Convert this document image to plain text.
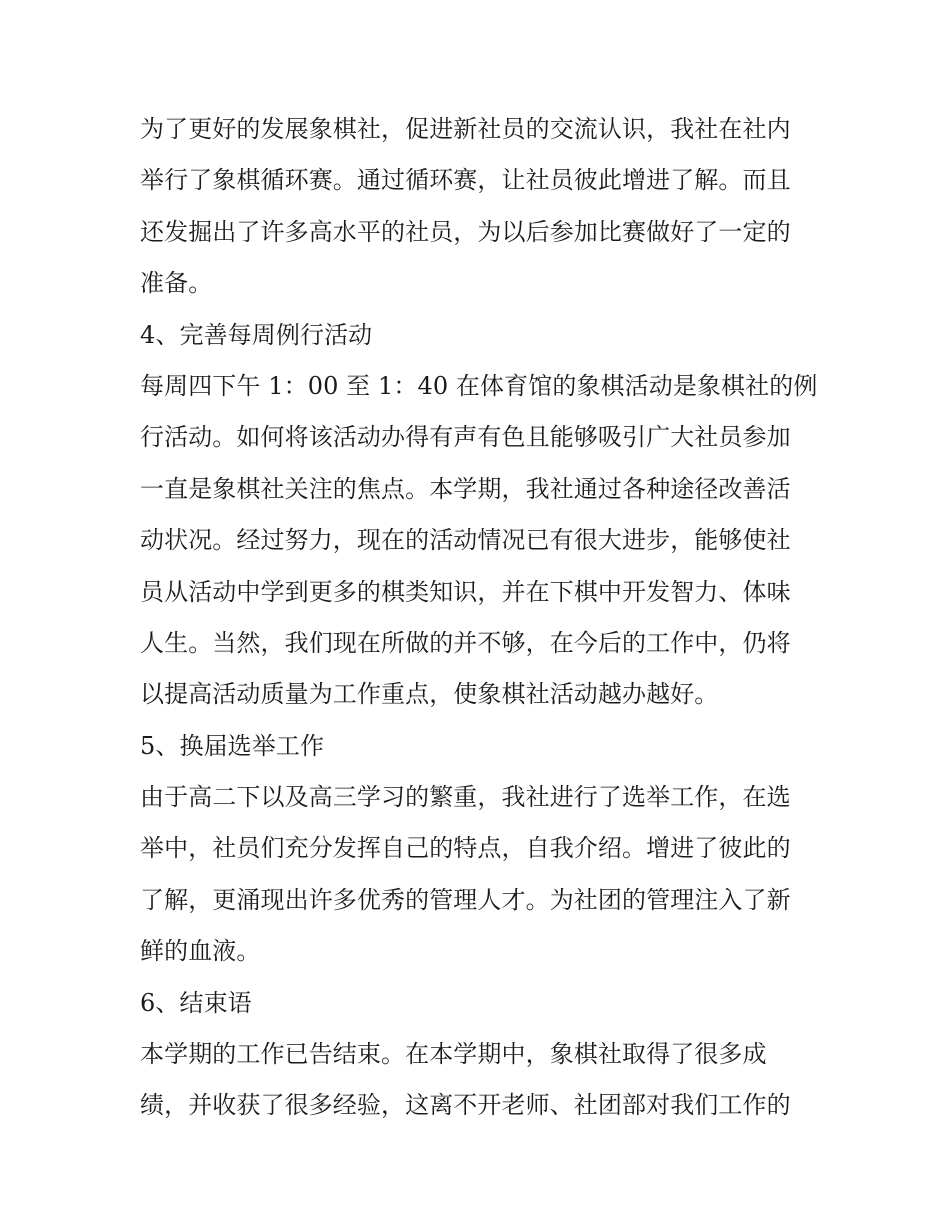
为了更好的发展象棋社，促进新社员的交流认识，我社在社内
举行了象棋循环赛。通过循环赛，让社员彼此增进了解。而且
还发掘出了许多高水平的社员，为以后参加比赛做好了一定的
准备。
4、完善每周例行活动
每周四下午 1：00 至 1：40 在体育馆的象棋活动是象棋社的例
行活动。如何将该活动办得有声有色且能够吸引广大社员参加
一直是象棋社关注的焦点。本学期，我社通过各种途径改善活
动状况。经过努力，现在的活动情况已有很大进步，能够使社
员从活动中学到更多的棋类知识，并在下棋中开发智力、体味
人生。当然，我们现在所做的并不够，在今后的工作中，仍将
以提高活动质量为工作重点，使象棋社活动越办越好。
5、换届选举工作
由于高二下以及高三学习的繁重，我社进行了选举工作，在选
举中，社员们充分发挥自己的特点，自我介绍。增进了彼此的
了解，更涌现出许多优秀的管理人才。为社团的管理注入了新
鲜的血液。
6、结束语
本学期的工作已告结束。在本学期中，象棋社取得了很多成
绩，并收获了很多经验，这离不开老师、社团部对我们工作的
